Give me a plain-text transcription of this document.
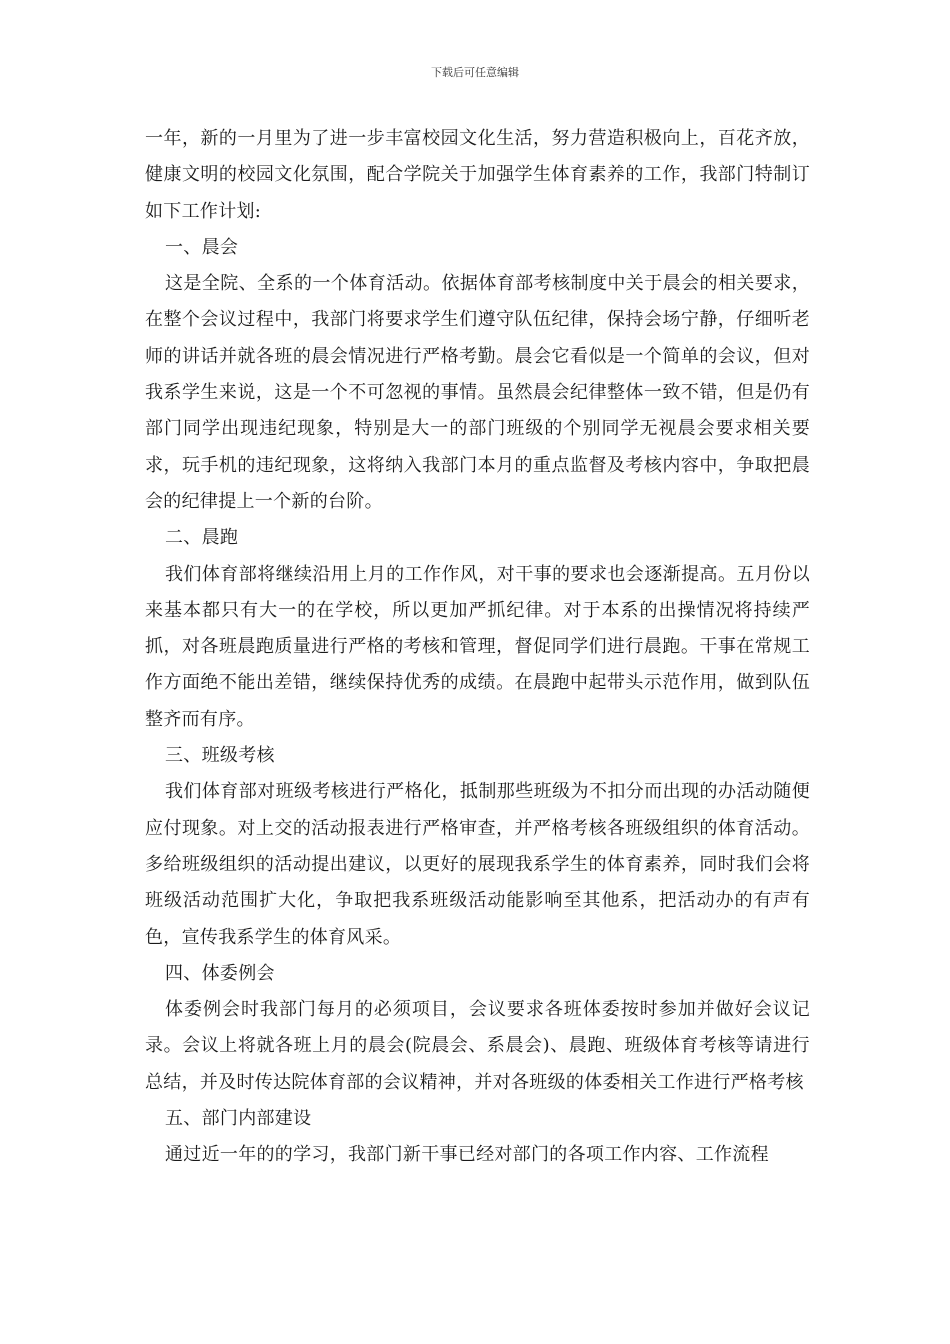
下载后可任意编辑

一年，新的一月里为了进一步丰富校园文化生活，努力营造积极向上，百花齐放，健康文明的校园文化氛围，配合学院关于加强学生体育素养的工作，我部门特制订如下工作计划:

一、晨会

这是全院、全系的一个体育活动。依据体育部考核制度中关于晨会的相关要求，在整个会议过程中，我部门将要求学生们遵守队伍纪律，保持会场宁静，仔细听老师的讲话并就各班的晨会情况进行严格考勤。晨会它看似是一个简单的会议，但对我系学生来说，这是一个不可忽视的事情。虽然晨会纪律整体一致不错，但是仍有部门同学出现违纪现象，特别是大一的部门班级的个别同学无视晨会要求相关要求，玩手机的违纪现象，这将纳入我部门本月的重点监督及考核内容中，争取把晨会的纪律提上一个新的台阶。

二、晨跑

我们体育部将继续沿用上月的工作作风，对干事的要求也会逐渐提高。五月份以来基本都只有大一的在学校，所以更加严抓纪律。对于本系的出操情况将持续严抓，对各班晨跑质量进行严格的考核和管理，督促同学们进行晨跑。干事在常规工作方面绝不能出差错，继续保持优秀的成绩。在晨跑中起带头示范作用，做到队伍整齐而有序。

三、班级考核

我们体育部对班级考核进行严格化，抵制那些班级为不扣分而出现的办活动随便应付现象。对上交的活动报表进行严格审查，并严格考核各班级组织的体育活动。多给班级组织的活动提出建议，以更好的展现我系学生的体育素养，同时我们会将班级活动范围扩大化，争取把我系班级活动能影响至其他系，把活动办的有声有色，宣传我系学生的体育风采。

四、体委例会

体委例会时我部门每月的必须项目，会议要求各班体委按时参加并做好会议记录。会议上将就各班上月的晨会(院晨会、系晨会)、晨跑、班级体育考核等请进行总结，并及时传达院体育部的会议精神，并对各班级的体委相关工作进行严格考核

五、部门内部建设

通过近一年的的学习，我部门新干事已经对部门的各项工作内容、工作流程
